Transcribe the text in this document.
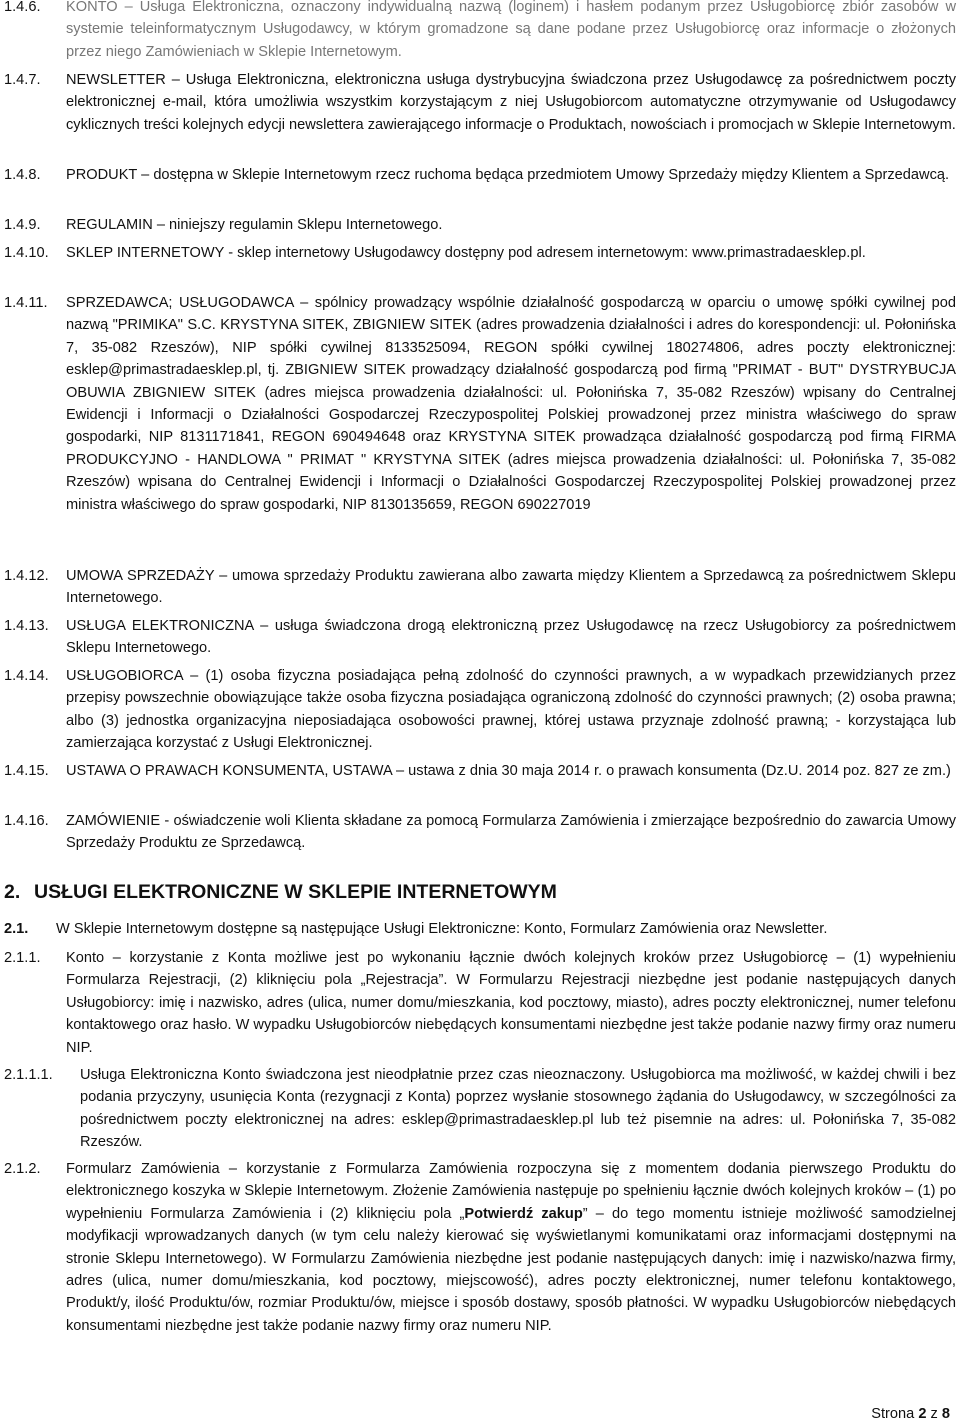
1.4.6. KONTO – Usługa Elektroniczna, oznaczony indywidualną nazwą (loginem) i hasłem podanym przez Usługobiorcę zbiór zasobów w systemie teleinformatycznym Usługodawcy, w którym gromadzone są dane podane przez Usługobiorcę oraz informacje o złożonych przez niego Zamówieniach w Sklepie Internetowym.
1.4.7. NEWSLETTER – Usługa Elektroniczna, elektroniczna usługa dystrybucyjna świadczona przez Usługodawcę za pośrednictwem poczty elektronicznej e-mail, która umożliwia wszystkim korzystającym z niej Usługobiorcom automatyczne otrzymywanie od Usługodawcy cyklicznych treści kolejnych edycji newslettera zawierającego informacje o Produktach, nowościach i promocjach w Sklepie Internetowym.
1.4.8. PRODUKT – dostępna w Sklepie Internetowym rzecz ruchoma będąca przedmiotem Umowy Sprzedaży między Klientem a Sprzedawcą.
1.4.9. REGULAMIN – niniejszy regulamin Sklepu Internetowego.
1.4.10. SKLEP INTERNETOWY - sklep internetowy Usługodawcy dostępny pod adresem internetowym: www.primastradaesklep.pl.
1.4.11. SPRZEDAWCA; USŁUGODAWCA – spólnicy prowadzący wspólnie działalność gospodarczą w oparciu o umowę spółki cywilnej pod nazwą "PRIMIKA" S.C. KRYSTYNA SITEK, ZBIGNIEW SITEK (adres prowadzenia działalności i adres do korespondencji: ul. Połonińska 7, 35-082 Rzeszów), NIP spółki cywilnej 8133525094, REGON spółki cywilnej 180274806, adres poczty elektronicznej: esklep@primastradaesklep.pl, tj. ZBIGNIEW SITEK prowadzący działalność gospodarczą pod firmą "PRIMAT - BUT" DYSTRYBUCJA OBUWIA ZBIGNIEW SITEK (adres miejsca prowadzenia działalności: ul. Połonińska 7, 35-082 Rzeszów) wpisany do Centralnej Ewidencji i Informacji o Działalności Gospodarczej Rzeczypospolitej Polskiej prowadzonej przez ministra właściwego do spraw gospodarki, NIP 8131171841, REGON 690494648 oraz KRYSTYNA SITEK prowadząca działalność gospodarczą pod firmą FIRMA PRODUKCYJNO - HANDLOWA " PRIMAT " KRYSTYNA SITEK (adres miejsca prowadzenia działalności: ul. Połonińska 7, 35-082 Rzeszów) wpisana do Centralnej Ewidencji i Informacji o Działalności Gospodarczej Rzeczypospolitej Polskiej prowadzonej przez ministra właściwego do spraw gospodarki, NIP 8130135659, REGON 690227019
1.4.12. UMOWA SPRZEDAŻY – umowa sprzedaży Produktu zawierana albo zawarta między Klientem a Sprzedawcą za pośrednictwem Sklepu Internetowego.
1.4.13. USŁUGA ELEKTRONICZNA – usługa świadczona drogą elektroniczną przez Usługodawcę na rzecz Usługobiorcy za pośrednictwem Sklepu Internetowego.
1.4.14. USŁUGOBIORCA – (1) osoba fizyczna posiadająca pełną zdolność do czynności prawnych, a w wypadkach przewidzianych przez przepisy powszechnie obowiązujące także osoba fizyczna posiadająca ograniczoną zdolność do czynności prawnych; (2) osoba prawna; albo (3) jednostka organizacyjna nieposiadająca osobowości prawnej, której ustawa przyznaje zdolność prawną; - korzystająca lub zamierzająca korzystać z Usługi Elektronicznej.
1.4.15. USTAWA O PRAWACH KONSUMENTA, USTAWA – ustawa z dnia 30 maja 2014 r. o prawach konsumenta (Dz.U. 2014 poz. 827 ze zm.)
1.4.16. ZAMÓWIENIE - oświadczenie woli Klienta składane za pomocą Formularza Zamówienia i zmierzające bezpośrednio do zawarcia Umowy Sprzedaży Produktu ze Sprzedawcą.
2. USŁUGI ELEKTRONICZNE W SKLEPIE INTERNETOWYM
2.1. W Sklepie Internetowym dostępne są następujące Usługi Elektroniczne: Konto, Formularz Zamówienia oraz Newsletter.
2.1.1. Konto – korzystanie z Konta możliwe jest po wykonaniu łącznie dwóch kolejnych kroków przez Usługobiorcę – (1) wypełnieniu Formularza Rejestracji, (2) kliknięciu pola „Rejestracja”. W Formularzu Rejestracji niezbędne jest podanie następujących danych Usługobiorcy: imię i nazwisko, adres (ulica, numer domu/mieszkania, kod pocztowy, miasto), adres poczty elektronicznej, numer telefonu kontaktowego oraz hasło. W wypadku Usługobiorców niebędących konsumentami niezbędne jest także podanie nazwy firmy oraz numeru NIP.
2.1.1.1. Usługa Elektroniczna Konto świadczona jest nieodpłatnie przez czas nieoznaczony. Usługobiorca ma możliwość, w każdej chwili i bez podania przyczyny, usunięcia Konta (rezygnacji z Konta) poprzez wysłanie stosownego żądania do Usługodawcy, w szczególności za pośrednictwem poczty elektronicznej na adres: esklep@primastradaesklep.pl lub też pisemnie na adres: ul. Połonińska 7, 35-082 Rzeszów.
2.1.2. Formularz Zamówienia – korzystanie z Formularza Zamówienia rozpoczyna się z momentem dodania pierwszego Produktu do elektronicznego koszyka w Sklepie Internetowym. Złożenie Zamówienia następuje po spełnieniu łącznie dwóch kolejnych kroków – (1) po wypełnieniu Formularza Zamówienia i (2) kliknięciu pola „Potwierdź zakup” – do tego momentu istnieje możliwość samodzielnej modyfikacji wprowadzanych danych (w tym celu należy kierować się wyświetlanymi komunikatami oraz informacjami dostępnymi na stronie Sklepu Internetowego). W Formularzu Zamówienia niezbędne jest podanie następujących danych: imię i nazwisko/nazwa firmy, adres (ulica, numer domu/mieszkania, kod pocztowy, miejscowość), adres poczty elektronicznej, numer telefonu kontaktowego, Produkt/y, ilość Produktu/ów, rozmiar Produktu/ów, miejsce i sposób dostawy, sposób płatności. W wypadku Usługobiorców niebędących konsumentami niezbędne jest także podanie nazwy firmy oraz numeru NIP.
Strona 2 z 8
